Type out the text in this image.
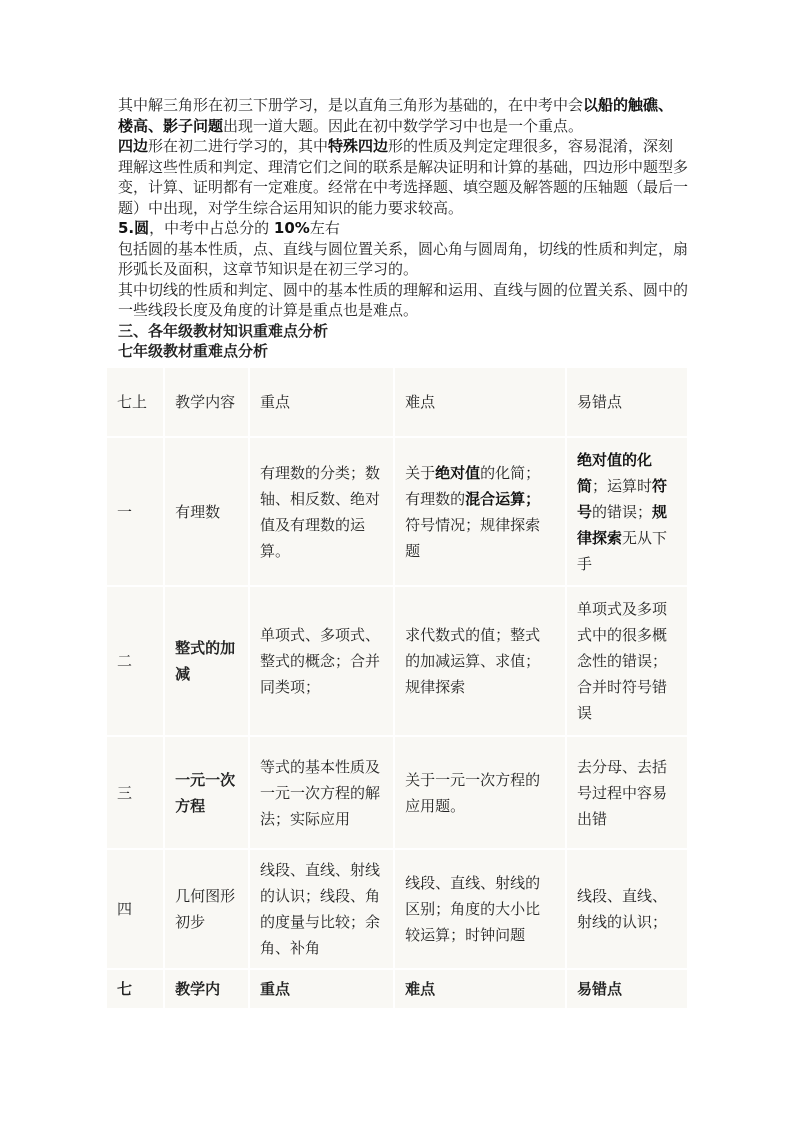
其中解三角形在初三下册学习，是以直角三角形为基础的，在中考中会以船的触礁、楼高、影子问题出现一道大题。因此在初中数学学习中也是一个重点。

四边形在初二进行学习的，其中特殊四边形的性质及判定定理很多，容易混淆，深刻理解这些性质和判定、理清它们之间的联系是解决证明和计算的基础，四边形中题型多变，计算、证明都有一定难度。经常在中考选择题、填空题及解答题的压轴题（最后一题）中出现，对学生综合运用知识的能力要求较高。

5.圆，中考中占总分的 10%左右

包括圆的基本性质，点、直线与圆位置关系，圆心角与圆周角，切线的性质和判定，扇形弧长及面积，这章节知识是在初三学习的。

其中切线的性质和判定、圆中的基本性质的理解和运用、直线与圆的位置关系、圆中的一些线段长度及角度的计算是重点也是难点。

三、各年级教材知识重难点分析

七年级教材重难点分析

七上	教学内容	重点	难点	易错点
一	有理数	有理数的分类；数轴、相反数、绝对值及有理数的运算。	关于绝对值的化简；有理数的混合运算；符号情况；规律探索题	绝对值的化简；运算时符号的错误；规律探索无从下手
二	整式的加减	单项式、多项式、整式的概念；合并同类项；	求代数式的值；整式的加减运算、求值；规律探索	单项式及多项式中的很多概念性的错误；合并时符号错误
三	一元一次方程	等式的基本性质及一元一次方程的解法；实际应用	关于一元一次方程的应用题。	去分母、去括号过程中容易出错
四	几何图形初步	线段、直线、射线的认识；线段、角的度量与比较；余角、补角	线段、直线、射线的区别；角度的大小比较运算；时钟问题	线段、直线、射线的认识；
七	教学内	重点	难点	易错点
